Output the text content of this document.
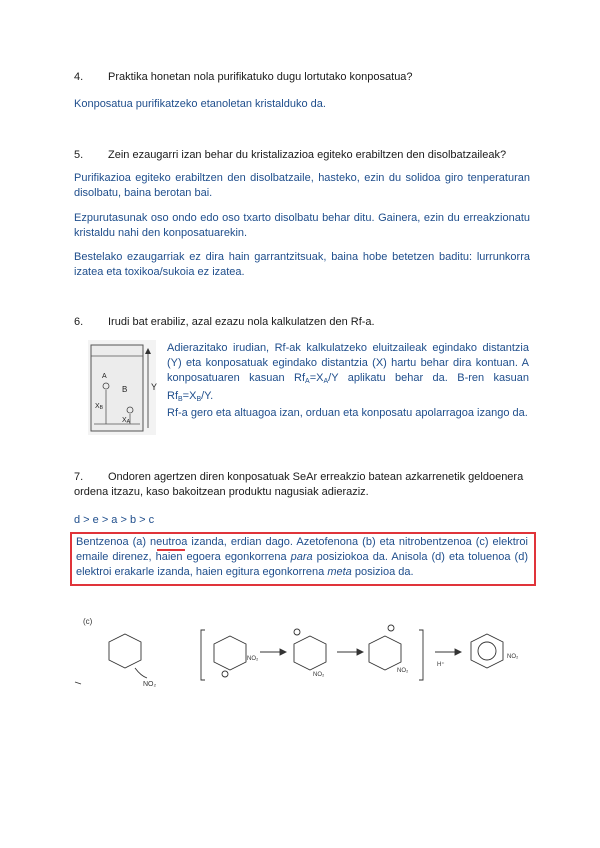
4. Praktika honetan nola purifikatuko dugu lortutako konposatua?
Konposatua purifikatzeko etanoletan kristalduko da.
5. Zein ezaugarri izan behar du kristalizazioa egiteko erabiltzen den disolbatzaileak?
Purifikazioa egiteko erabiltzen den disolbatzaile, hasteko, ezin du solidoa giro tenperaturan disolbatu, baina berotan bai.
Ezpurutasunak oso ondo edo oso txarto disolbatu behar ditu. Gainera, ezin du erreakzionatu kristaldu nahi den konposatuarekin.
Bestelako ezaugarriak ez dira hain garrantzitsuak, baina hobe betetzen baditu: lurrunkorra izatea eta toxikoa/sukoia ez izatea.
6. Irudi bat erabiliz, azal ezazu nola kalkulatzen den Rf-a.
Y
A
B
XB
XA
Adierazitako irudian, Rf-ak kalkulatzeko eluitzaileak egindako distantzia (Y) eta konposatuak egindako distantzia (X) hartu behar dira kontuan. A konposatuaren kasuan $Rf_A=X_A/Y$ aplikatu behar da. B-ren kasuan $Rf_B=X_B/Y$.
Rf-a gero eta altuagoa izan, orduan eta konposatu apolarragoa izango da.
7. Ondoren agertzen diren konposatuak SeAr erreakzio batean azkarrenetik geldoenera ordena itzazu, kaso bakoitzean produktu nagusiak adieraziz.
d > e > a > b > c
Bentzenoa (a) neutroa izanda, erdian dago. Azetofenona (b) eta nitrobentzenoa (c) elektroi emaile direnez, haien egoera egonkorrena para posiziokoa da. Anisola (d) eta toluenoa (d) elektroi erakarle izanda, haien egitura egonkorrena meta posizioa da.
(c)
NO₂
NO₂
NO₂
NO₂
H⁺
NO₂
